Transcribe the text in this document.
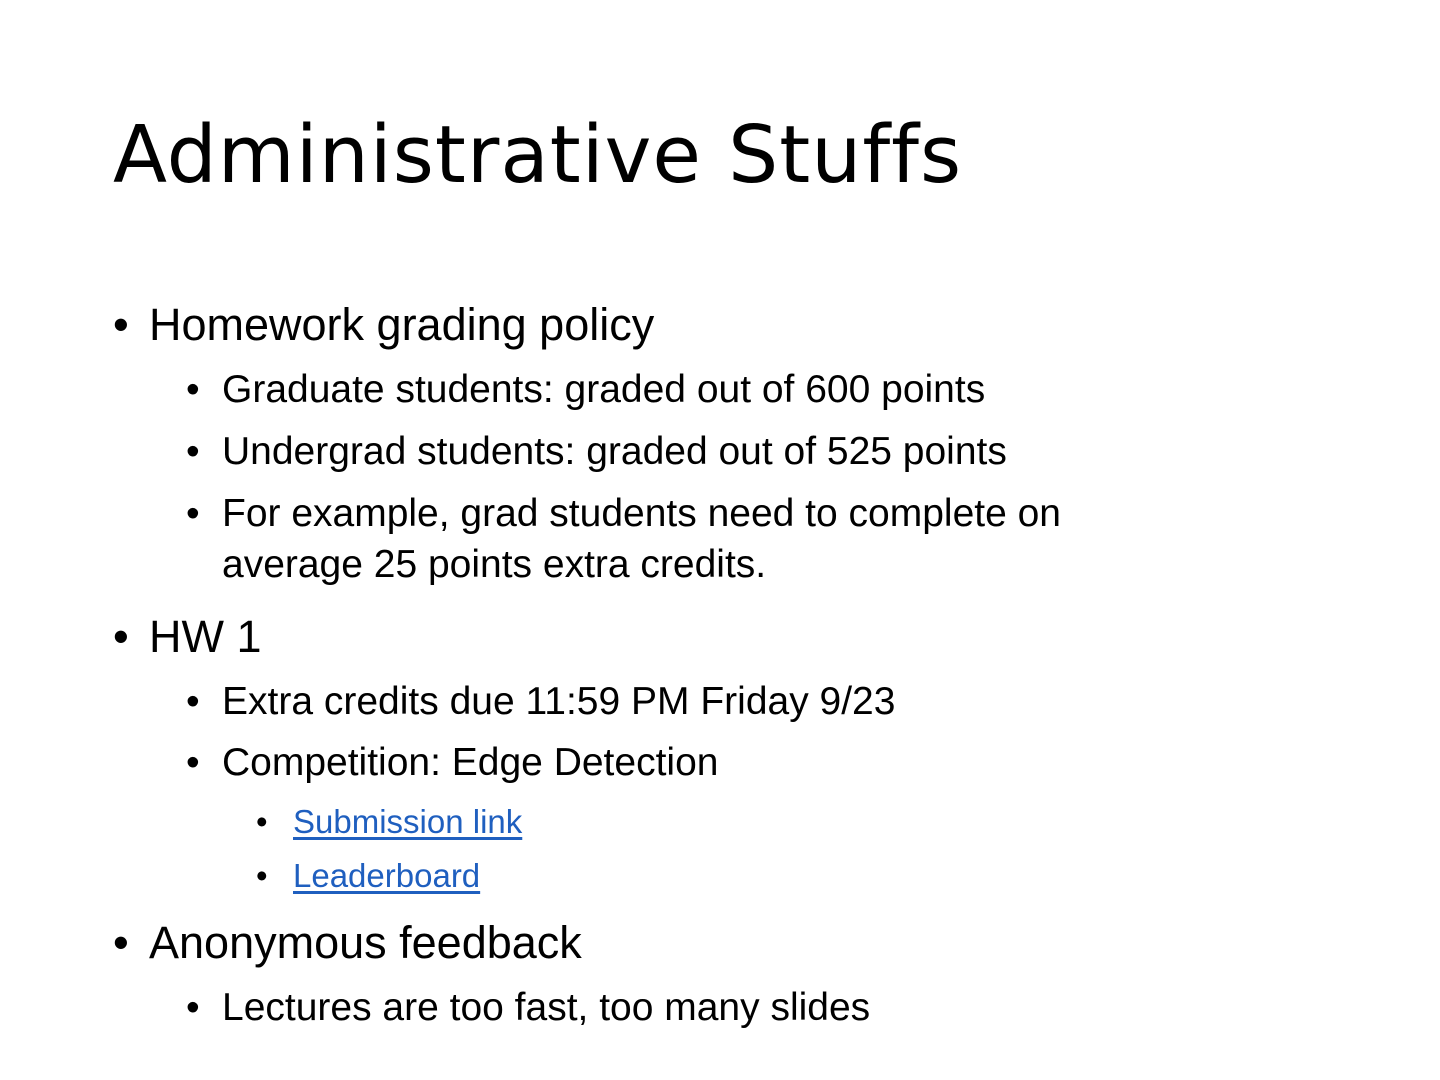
Administrative Stuffs
• Homework grading policy
• Graduate students: graded out of 600 points
• Undergrad students: graded out of 525 points
• For example, grad students need to complete on average 25 points extra credits.
• HW 1
• Extra credits due 11:59 PM Friday 9/23
• Competition: Edge Detection
• Submission link
• Leaderboard
• Anonymous feedback
• Lectures are too fast, too many slides
